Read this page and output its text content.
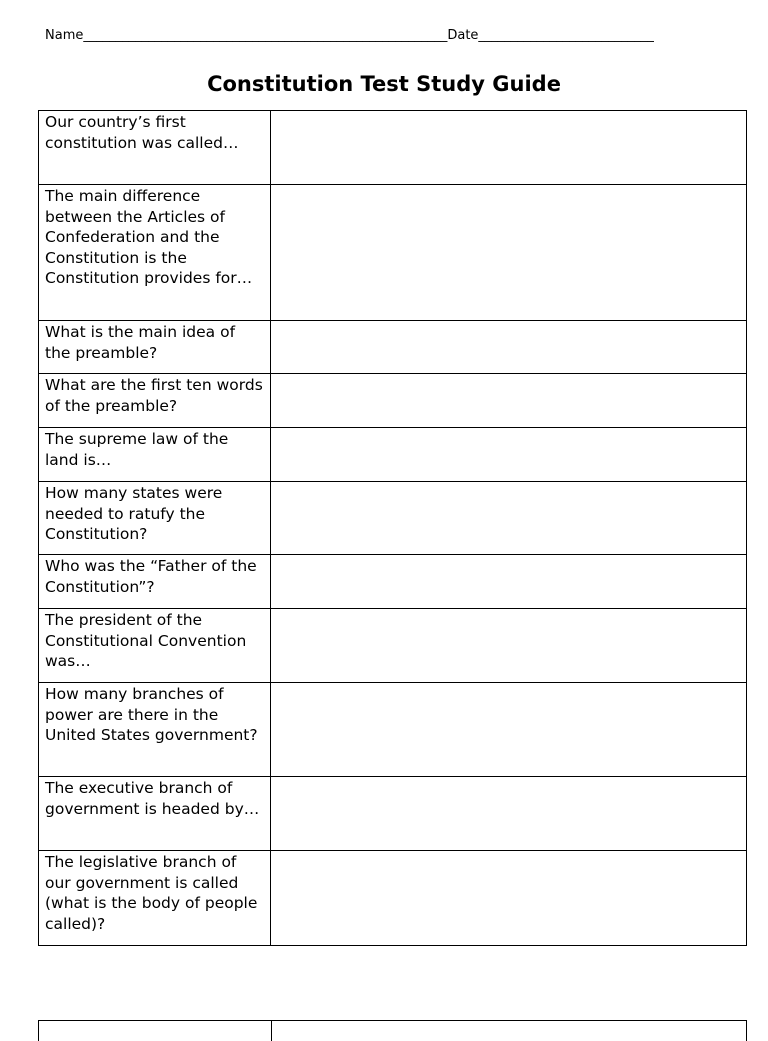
Name________________________________________________________Date___________________________
Constitution Test Study Guide
Our country’s first constitution was called…	
The main difference between the Articles of Confederation and the Constitution is the Constitution provides for…	
What is the main idea of the preamble?	
What are the first ten words of the preamble?	
The supreme law of the land is…	
How many states were needed to ratufy the Constitution?	
Who was the “Father of the Constitution”?	
The president of the Constitutional Convention was…	
How many branches of power are there in the United States government?	
The executive branch of government is headed by…	
The legislative branch of our government is called (what is the body of people called)?	
